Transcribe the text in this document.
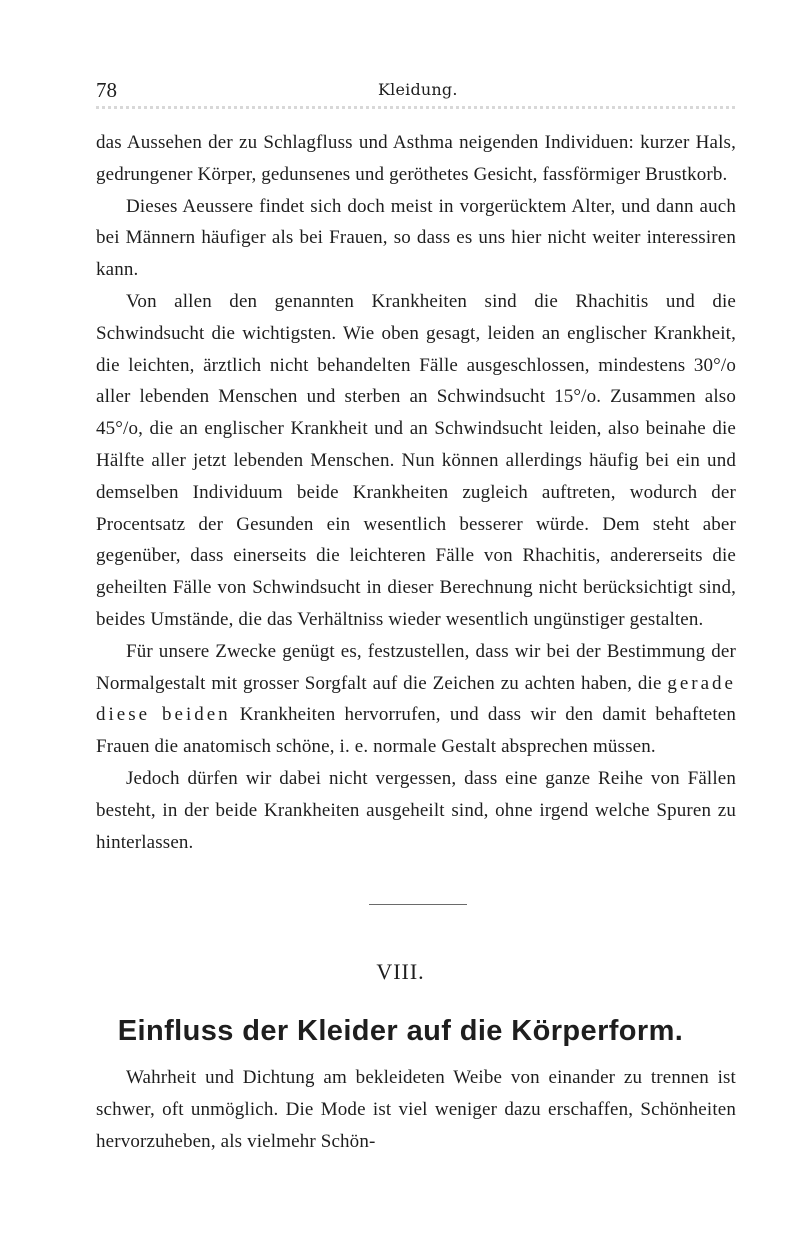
78	Kleidung.

das Aussehen der zu Schlagfluss und Asthma neigenden Individuen: kurzer Hals, gedrungener Körper, gedunsenes und geröthetes Gesicht, fassförmiger Brustkorb.

Dieses Aeussere findet sich doch meist in vorgerücktem Alter, und dann auch bei Männern häufiger als bei Frauen, so dass es uns hier nicht weiter interessiren kann.

Von allen den genannten Krankheiten sind die Rhachitis und die Schwindsucht die wichtigsten. Wie oben gesagt, leiden an englischer Krankheit, die leichten, ärztlich nicht behandelten Fälle ausgeschlossen, mindestens 30°/o aller lebenden Menschen und sterben an Schwindsucht 15°/o. Zusammen also 45°/o, die an englischer Krankheit und an Schwindsucht leiden, also beinahe die Hälfte aller jetzt lebenden Menschen. Nun können allerdings häufig bei ein und demselben Individuum beide Krankheiten zugleich auftreten, wodurch der Procentsatz der Gesunden ein wesentlich besserer würde. Dem steht aber gegenüber, dass einerseits die leichteren Fälle von Rhachitis, andererseits die geheilten Fälle von Schwindsucht in dieser Berechnung nicht berücksichtigt sind, beides Umstände, die das Verhältniss wieder wesentlich ungünstiger gestalten.

Für unsere Zwecke genügt es, festzustellen, dass wir bei der Bestimmung der Normalgestalt mit grosser Sorgfalt auf die Zeichen zu achten haben, die gerade diese beiden Krankheiten hervorrufen, und dass wir den damit behafteten Frauen die anatomisch schöne, i. e. normale Gestalt absprechen müssen.

Jedoch dürfen wir dabei nicht vergessen, dass eine ganze Reihe von Fällen besteht, in der beide Krankheiten ausgeheilt sind, ohne irgend welche Spuren zu hinterlassen.

VIII.
Einfluss der Kleider auf die Körperform.

Wahrheit und Dichtung am bekleideten Weibe von einander zu trennen ist schwer, oft unmöglich. Die Mode ist viel weniger dazu erschaffen, Schönheiten hervorzuheben, als vielmehr Schön-
